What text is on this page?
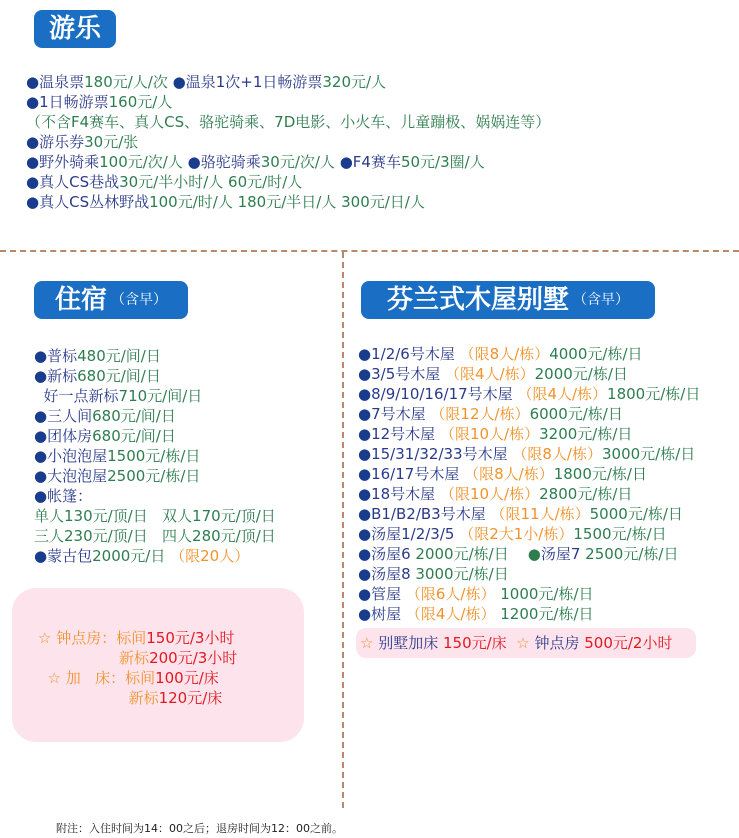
游乐
●温泉票180元/人/次 ●温泉1次+1日畅游票320元/人
●1日畅游票160元/人
（不含F4赛车、真人CS、骆驼骑乘、7D电影、小火车、儿童蹦极、娲娲连等）
●游乐券30元/张
●野外骑乘100元/次/人 ●骆驼骑乘30元/次/人 ●F4赛车50元/3圈/人
●真人CS巷战30元/半小时/人 60元/时/人
●真人CS丛林野战100元/时/人 180元/半日/人 300元/日/人
住宿 （含早）
●普标480元/间/日
●新标680元/间/日
好一点新标710元/间/日
●三人间680元/间/日
●团体房680元/间/日
●小泡泡屋1500元/栋/日
●大泡泡屋2500元/栋/日
●帐篷：
单人130元/顶/日   双人170元/顶/日
三人230元/顶/日   四人280元/顶/日
●蒙古包2000元/日 （限20人）
☆ 钟点房：标间150元/3小时
新标200元/3小时
☆ 加   床：标间100元/床
新标120元/床
芬兰式木屋别墅 （含早）
●1/2/6号木屋 （限8人/栋）4000元/栋/日
●3/5号木屋 （限4人/栋）2000元/栋/日
●8/9/10/16/17号木屋 （限4人/栋）1800元/栋/日
●7号木屋 （限12人/栋）6000元/栋/日
●12号木屋 （限10人/栋）3200元/栋/日
●15/31/32/33号木屋 （限8人/栋）3000元/栋/日
●16/17号木屋 （限8人/栋）1800元/栋/日
●18号木屋 （限10人/栋）2800元/栋/日
●B1/B2/B3号木屋 （限11人/栋）5000元/栋/日
●汤屋1/2/3/5 （限2大1小/栋）1500元/栋/日
●汤屋6 2000元/栋/日    ●汤屋7 2500元/栋/日
●汤屋8 3000元/栋/日
●管屋 （限6人/栋） 1000元/栋/日
●树屋 （限4人/栋） 1200元/栋/日
☆ 别墅加床 150元/床  ☆ 钟点房 500元/2小时
附注：入住时间为14：00之后；退房时间为12：00之前。
